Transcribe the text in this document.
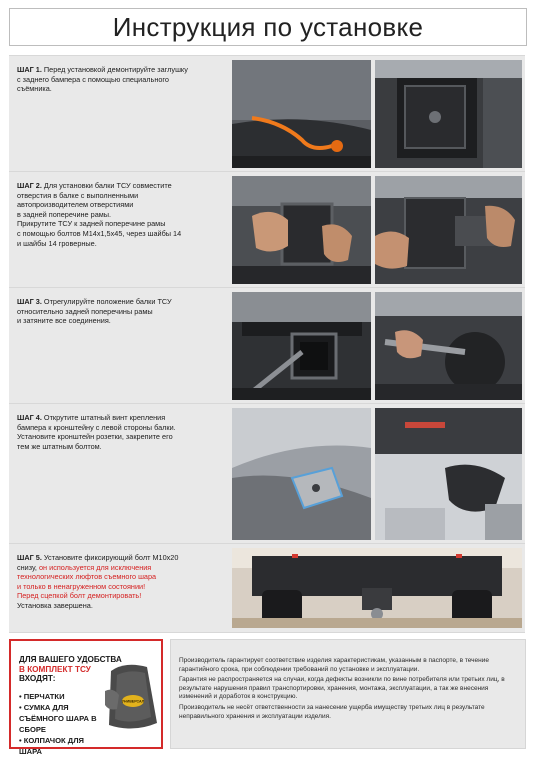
Инструкция по установке
ШАГ 1. Перед установкой демонтируйте заглушку
с заднего бампера с помощью специального
съёмника.
ШАГ 2. Для установки балки ТСУ совместите
отверстия в балке с выполненными
автопроизводителем отверстиями
в задней поперечине рамы.
Прикрутите ТСУ к задней поперечине рамы
с помощью болтов М14х1,5х45, через шайбы 14
и шайбы 14 гроверные.
ШАГ 3. Отрегулируйте положение балки ТСУ
относительно задней поперечины рамы
и затяните все соединения.
ШАГ 4. Открутите штатный винт крепления
бампера к кронштейну с левой стороны балки.
Установите кронштейн розетки, закрепите его
тем же штатным болтом.
ШАГ 5. Установите фиксирующий болт М10х20
снизу, он используется для исключения
технологических люфтов съемного шара
и только в ненагруженном состоянии!
Перед сцепкой болт демонтировать!
Установка завершена.
ДЛЯ ВАШЕГО УДОБСТВА
В КОМПЛЕКТ ТСУ
ВХОДЯТ:
• ПЕРЧАТКИ
• СУМКА ДЛЯ СЪЁМНОГО ШАРА В СБОРЕ
• КОЛПАЧОК ДЛЯ ШАРА
УНИВЕРСАЛ

Производитель гарантирует соответствие изделия характеристикам, указанным в паспорте, в течение гарантийного срока, при соблюдении требований по установке и эксплуатации.

Гарантия не распространяется на случаи, когда дефекты возникли по вине потребителя или третьих лиц, в результате нарушения правил транспортировки, хранения, монтажа, эксплуатации, а так же внесения изменений и доработок в конструкцию.

Производитель не несёт ответственности за нанесение ущерба имуществу третьих лиц в результате неправильного хранения и эксплуатации изделия.
